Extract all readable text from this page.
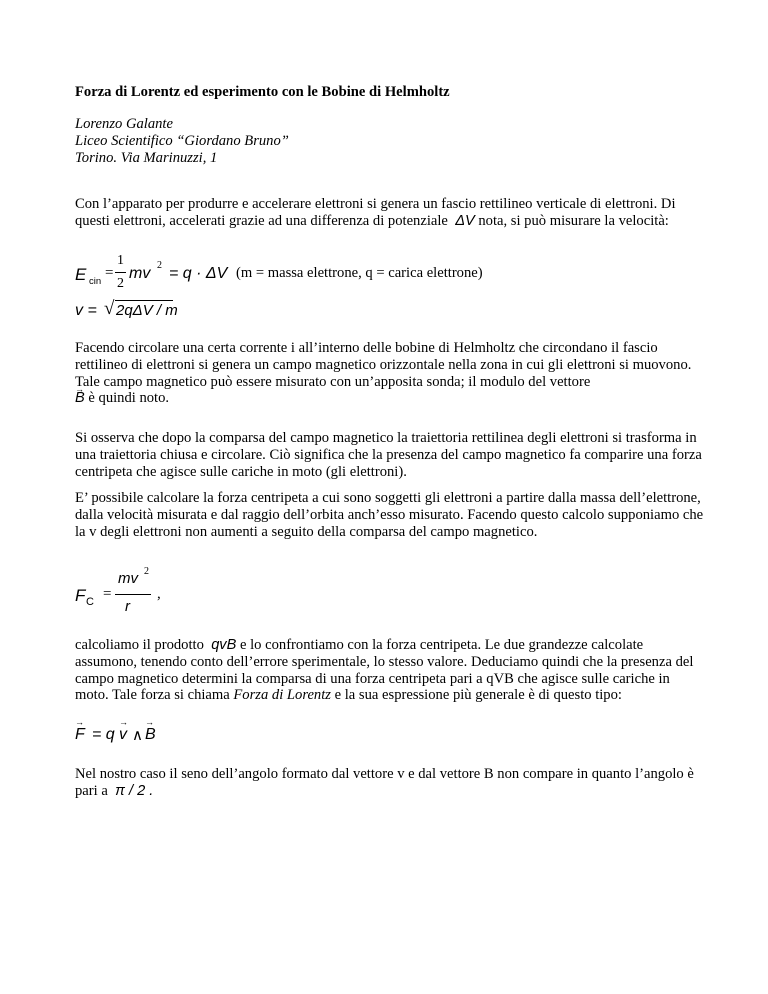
Forza di Lorentz ed esperimento con le Bobine di Helmholtz
Lorenzo Galante
Liceo Scientifico “Giordano Bruno”
Torino. Via Marinuzzi, 1
Con l’apparato per produrre e accelerare elettroni si genera un fascio rettilineo verticale di elettroni. Di questi elettroni, accelerati grazie ad una differenza di potenziale ΔV nota, si può misurare la velocità:
E cin
=
1
2
mv 2 = q · ΔV (m = massa elettrone, q = carica elettrone)
v = √ 2qΔV / m
Facendo circolare una certa corrente i all’interno delle bobine di Helmholtz che circondano il fascio rettilineo di elettroni si genera un campo magnetico orizzontale nella zona in cui gli elettroni si muovono. Tale campo magnetico può essere misurato con un’apposita sonda; il modulo del vettore
→ B è quindi noto.
Si osserva che dopo la comparsa del campo magnetico la traiettoria rettilinea degli elettroni si trasforma in una traiettoria chiusa e circolare. Ciò significa che la presenza del campo magnetico fa comparire una forza centripeta che agisce sulle cariche in moto (gli elettroni).
E’ possibile calcolare la forza centripeta a cui sono soggetti gli elettroni a partire dalla massa dell’elettrone, dalla velocità misurata e dal raggio dell’orbita anch’esso misurato. Facendo questo calcolo supponiamo che la v degli elettroni non aumenti a seguito della comparsa del campo magnetico.
F C =
mv 2
r
,
calcoliamo il prodotto qvB e lo confrontiamo con la forza centripeta. Le due grandezze calcolate assumono, tenendo conto dell’errore sperimentale, lo stesso valore. Deduciamo quindi che la presenza del campo magnetico determini la comparsa di una forza centripeta pari a qVB che agisce sulle cariche in moto. Tale forza si chiama Forza di Lorentz e la sua espressione più generale è di questo tipo:
→ F = q → v ∧ → B
Nel nostro caso il seno dell’angolo formato dal vettore v e dal vettore B non compare in quanto l’angolo è pari a π / 2 .
